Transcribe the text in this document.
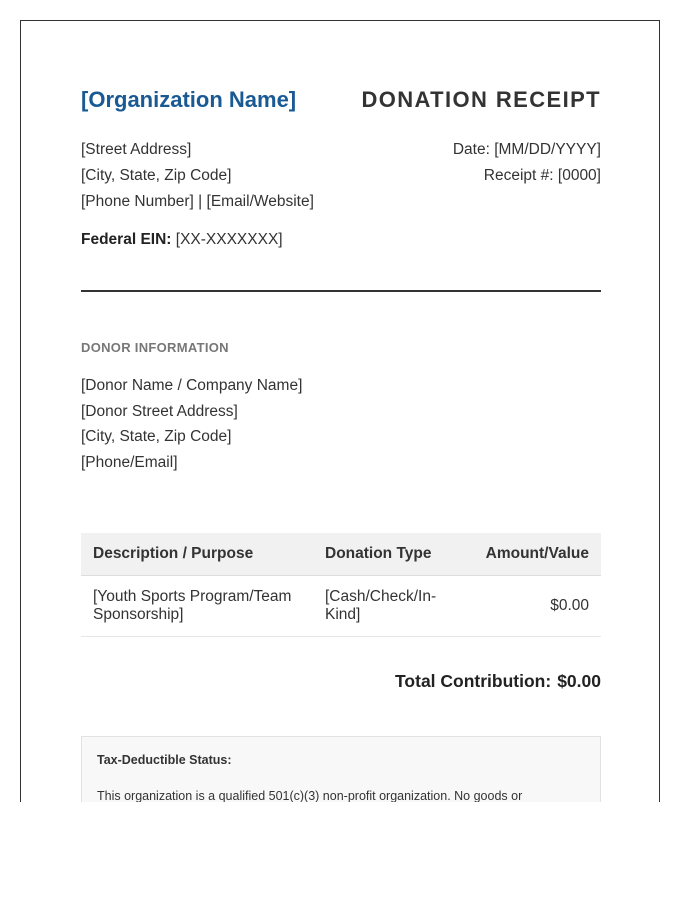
[Organization Name]	DONATION RECEIPT
[Street Address]
[City, State, Zip Code]
[Phone Number] | [Email/Website]
Date: [MM/DD/YYYY]
Receipt #: [0000]
Federal EIN: [XX-XXXXXXX]
DONOR INFORMATION
[Donor Name / Company Name]
[Donor Street Address]
[City, State, Zip Code]
[Phone/Email]
Description / Purpose	Donation Type	Amount/Value
[Youth Sports Program/Team Sponsorship]	[Cash/Check/In-Kind]	$0.00
Total Contribution: $0.00
Tax-Deductible Status:
This organization is a qualified 501(c)(3) non-profit organization. No goods or
